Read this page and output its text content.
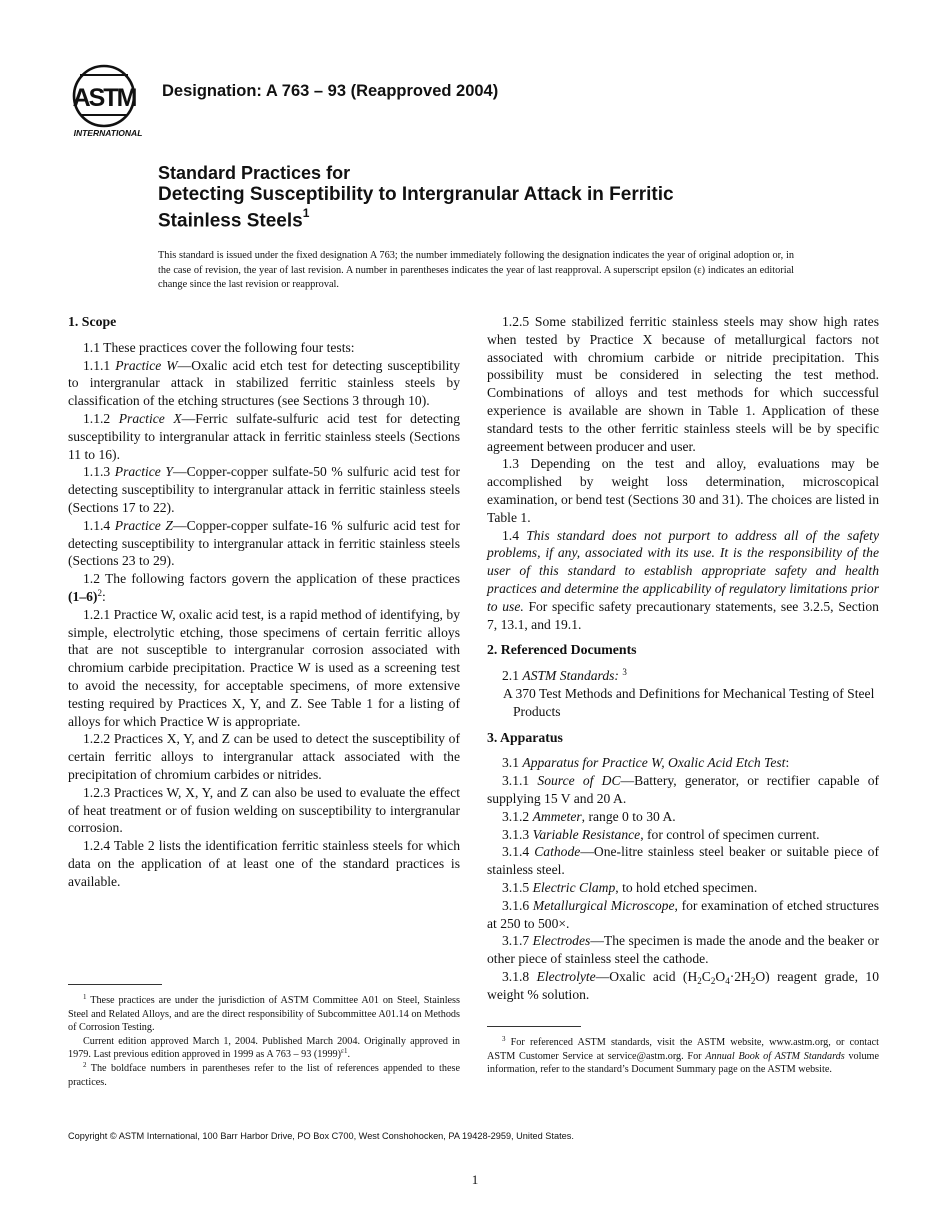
ASTM
INTERNATIONAL
Designation: A 763 – 93 (Reapproved 2004)
Standard Practices for
Detecting Susceptibility to Intergranular Attack in Ferritic
Stainless Steels$^1$
This standard is issued under the fixed designation A 763; the number immediately following the designation indicates the year of original adoption or, in the case of revision, the year of last revision. A number in parentheses indicates the year of last reapproval. A superscript epsilon (ε) indicates an editorial change since the last revision or reapproval.
1. Scope

1.1 These practices cover the following four tests:

1.1.1 Practice W—Oxalic acid etch test for detecting susceptibility to intergranular attack in stabilized ferritic stainless steels by classification of the etching structures (see Sections 3 through 10).

1.1.2 Practice X—Ferric sulfate-sulfuric acid test for detecting susceptibility to intergranular attack in ferritic stainless steels (Sections 11 to 16).

1.1.3 Practice Y—Copper-copper sulfate-50 % sulfuric acid test for detecting susceptibility to intergranular attack in ferritic stainless steels (Sections 17 to 22).

1.1.4 Practice Z—Copper-copper sulfate-16 % sulfuric acid test for detecting susceptibility to intergranular attack in ferritic stainless steels (Sections 23 to 29).

1.2 The following factors govern the application of these practices $(1-6)^2$:

1.2.1 Practice W, oxalic acid test, is a rapid method of identifying, by simple, electrolytic etching, those specimens of certain ferritic alloys that are not susceptible to intergranular corrosion associated with chromium carbide precipitation. Practice W is used as a screening test to avoid the necessity, for acceptable specimens, of more extensive testing required by Practices X, Y, and Z. See Table 1 for a listing of alloys for which Practice W is appropriate.

1.2.2 Practices X, Y, and Z can be used to detect the susceptibility of certain ferritic alloys to intergranular attack associated with the precipitation of chromium carbides or nitrides.

1.2.3 Practices W, X, Y, and Z can also be used to evaluate the effect of heat treatment or of fusion welding on susceptibility to intergranular corrosion.

1.2.4 Table 2 lists the identification ferritic stainless steels for which data on the application of at least one of the standard practices is available.

1.2.5 Some stabilized ferritic stainless steels may show high rates when tested by Practice X because of metallurgical factors not associated with chromium carbide or nitride precipitation. This possibility must be considered in selecting the test method. Combinations of alloys and test methods for which successful experience is available are shown in Table 1. Application of these standard tests to the other ferritic stainless steels will be by specific agreement between producer and user.

1.3 Depending on the test and alloy, evaluations may be accomplished by weight loss determination, microscopical examination, or bend test (Sections 30 and 31). The choices are listed in Table 1.

1.4 This standard does not purport to address all of the safety problems, if any, associated with its use. It is the responsibility of the user of this standard to establish appropriate safety and health practices and determine the applicability of regulatory limitations prior to use. For specific safety precautionary statements, see 3.2.5, Section 7, 13.1, and 19.1.

2. Referenced Documents

2.1 ASTM Standards: $^3$

A 370 Test Methods and Definitions for Mechanical Testing of Steel Products

3. Apparatus

3.1 Apparatus for Practice W, Oxalic Acid Etch Test:

3.1.1 Source of DC—Battery, generator, or rectifier capable of supplying 15 V and 20 A.

3.1.2 Ammeter, range 0 to 30 A.

3.1.3 Variable Resistance, for control of specimen current.

3.1.4 Cathode—One-litre stainless steel beaker or suitable piece of stainless steel.

3.1.5 Electric Clamp, to hold etched specimen.

3.1.6 Metallurgical Microscope, for examination of etched structures at 250 to 500×.

3.1.7 Electrodes—The specimen is made the anode and the beaker or other piece of stainless steel the cathode.

3.1.8 Electrolyte—Oxalic acid $(H_2C_2O_4\cdot 2H_2O)$ reagent grade, 10 weight % solution.

$^1$ These practices are under the jurisdiction of ASTM Committee A01 on Steel, Stainless Steel and Related Alloys, and are the direct responsibility of Subcommittee A01.14 on Methods of Corrosion Testing.

Current edition approved March 1, 2004. Published March 2004. Originally approved in 1979. Last previous edition approved in 1999 as A 763 – 93 $(1999)^{\varepsilon 1}$.

$^2$ The boldface numbers in parentheses refer to the list of references appended to these practices.

$^3$ For referenced ASTM standards, visit the ASTM website, www.astm.org, or contact ASTM Customer Service at service@astm.org. For Annual Book of ASTM Standards volume information, refer to the standard’s Document Summary page on the ASTM website.

Copyright © ASTM International, 100 Barr Harbor Drive, PO Box C700, West Conshohocken, PA 19428-2959, United States.
1
